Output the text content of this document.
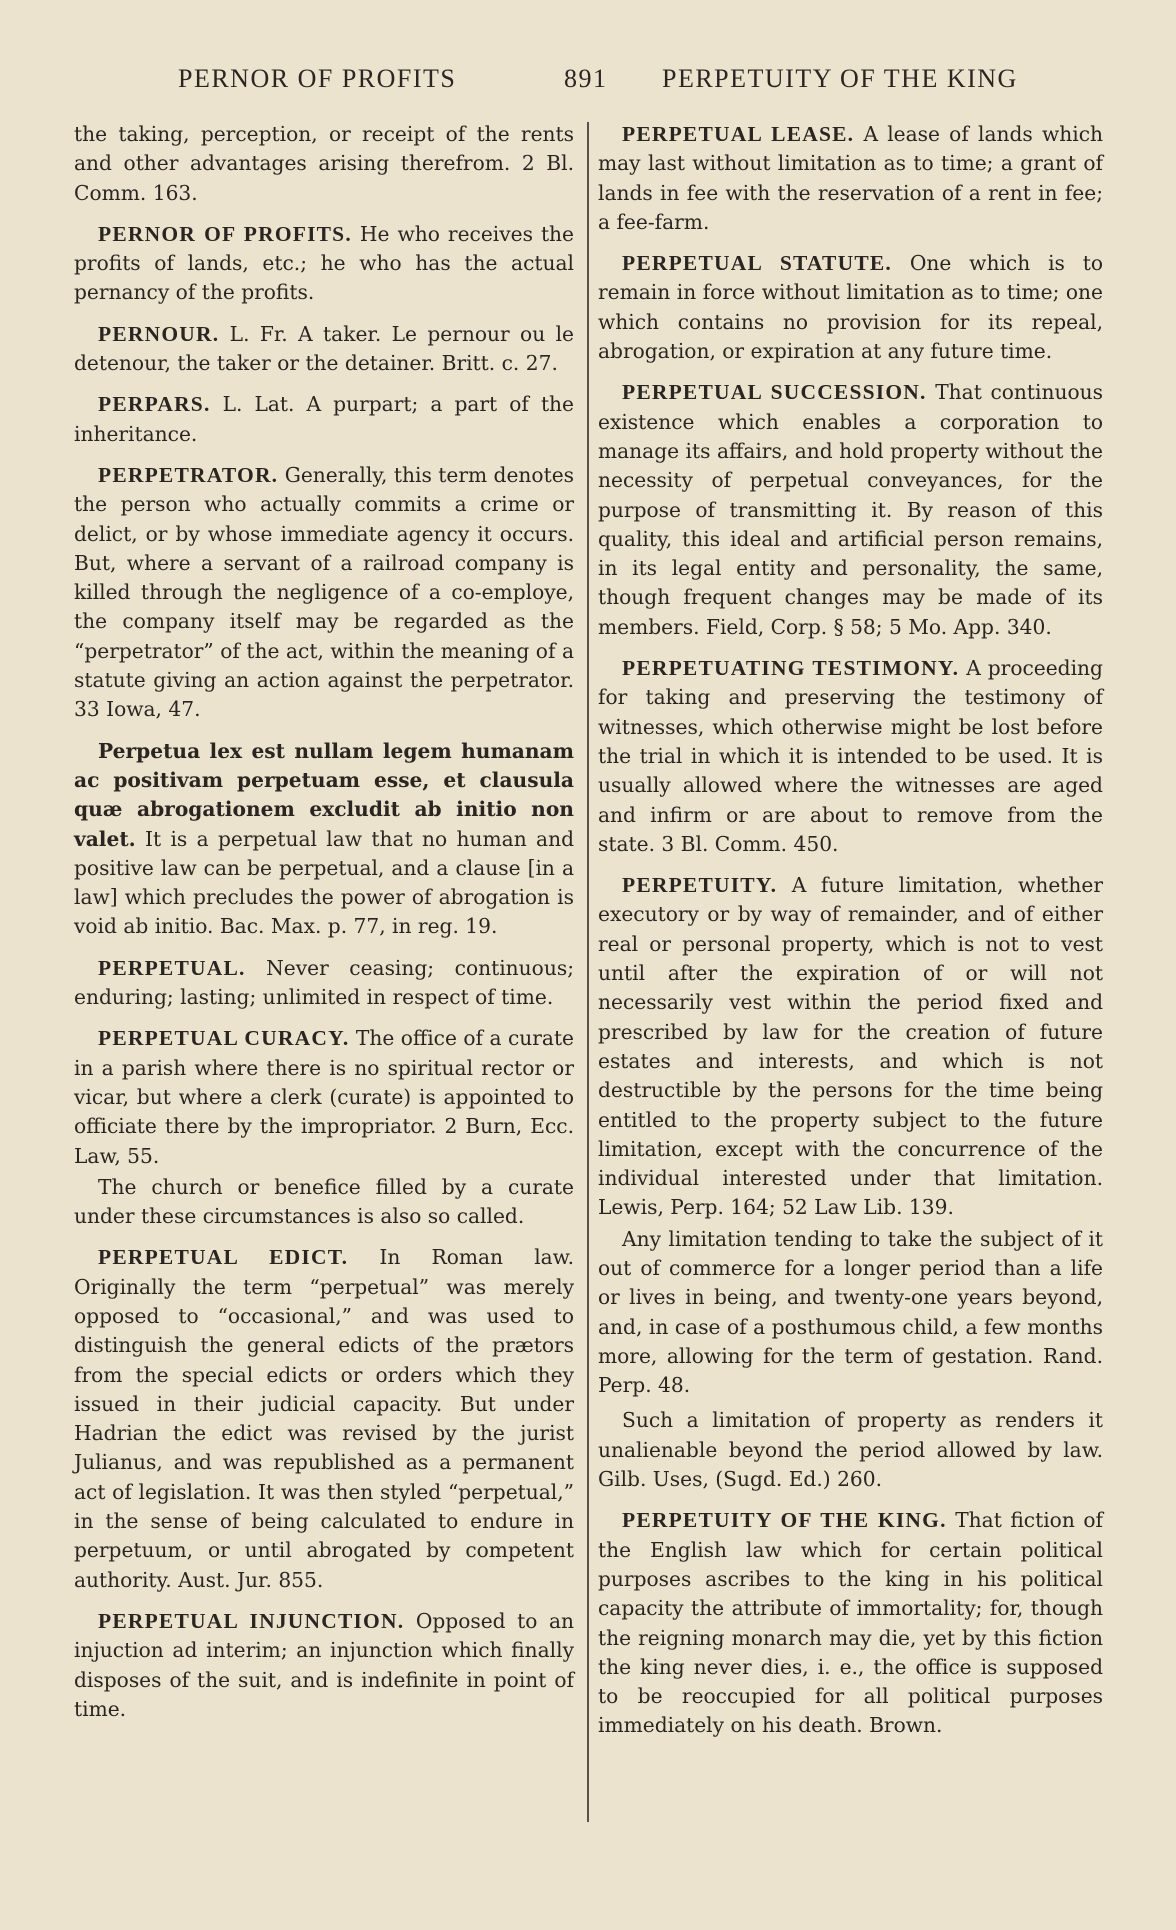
PERNOR OF PROFITS	891 PERPETUITY OF THE KING

the taking, perception, or receipt of the rents and other advantages arising therefrom. 2 Bl. Comm. 163.

PERNOR OF PROFITS. He who receives the profits of lands, etc.; he who has the actual pernancy of the profits.

PERNOUR. L. Fr. A taker. Le pernour ou le detenour, the taker or the detainer. Britt. c. 27.

PERPARS. L. Lat. A purpart; a part of the inheritance.

PERPETRATOR. Generally, this term denotes the person who actually commits a crime or delict, or by whose immediate agency it occurs. But, where a servant of a railroad company is killed through the negligence of a co-employe, the company itself may be regarded as the “perpetrator” of the act, within the meaning of a statute giving an action against the perpetrator. 33 Iowa, 47.

Perpetua lex est nullam legem humanam ac positivam perpetuam esse, et clausula quæ abrogationem excludit ab initio non valet. It is a perpetual law that no human and positive law can be perpetual, and a clause [in a law] which precludes the power of abrogation is void ab initio. Bac. Max. p. 77, in reg. 19.

PERPETUAL. Never ceasing; continuous; enduring; lasting; unlimited in respect of time.

PERPETUAL CURACY. The office of a curate in a parish where there is no spiritual rector or vicar, but where a clerk (curate) is appointed to officiate there by the impropriator. 2 Burn, Ecc. Law, 55.

The church or benefice filled by a curate under these circumstances is also so called.

PERPETUAL EDICT. In Roman law. Originally the term “perpetual” was merely opposed to “occasional,” and was used to distinguish the general edicts of the prætors from the special edicts or orders which they issued in their judicial capacity. But under Hadrian the edict was revised by the jurist Julianus, and was republished as a permanent act of legislation. It was then styled “perpetual,” in the sense of being calculated to endure in perpetuum, or until abrogated by competent authority. Aust. Jur. 855.

PERPETUAL INJUNCTION. Opposed to an injuction ad interim; an injunction which finally disposes of the suit, and is indefinite in point of time.

PERPETUAL LEASE. A lease of lands which may last without limitation as to time; a grant of lands in fee with the reservation of a rent in fee; a fee-farm.

PERPETUAL STATUTE. One which is to remain in force without limitation as to time; one which contains no provision for its repeal, abrogation, or expiration at any future time.

PERPETUAL SUCCESSION. That continuous existence which enables a corporation to manage its affairs, and hold property without the necessity of perpetual conveyances, for the purpose of transmitting it. By reason of this quality, this ideal and artificial person remains, in its legal entity and personality, the same, though frequent changes may be made of its members. Field, Corp. § 58; 5 Mo. App. 340.

PERPETUATING TESTIMONY. A proceeding for taking and preserving the testimony of witnesses, which otherwise might be lost before the trial in which it is intended to be used. It is usually allowed where the witnesses are aged and infirm or are about to remove from the state. 3 Bl. Comm. 450.

PERPETUITY. A future limitation, whether executory or by way of remainder, and of either real or personal property, which is not to vest until after the expiration of or will not necessarily vest within the period fixed and prescribed by law for the creation of future estates and interests, and which is not destructible by the persons for the time being entitled to the property subject to the future limitation, except with the concurrence of the individual interested under that limitation. Lewis, Perp. 164; 52 Law Lib. 139.

Any limitation tending to take the subject of it out of commerce for a longer period than a life or lives in being, and twenty-one years beyond, and, in case of a posthumous child, a few months more, allowing for the term of gestation. Rand. Perp. 48.

Such a limitation of property as renders it unalienable beyond the period allowed by law. Gilb. Uses, (Sugd. Ed.) 260.

PERPETUITY OF THE KING. That fiction of the English law which for certain political purposes ascribes to the king in his political capacity the attribute of immortality; for, though the reigning monarch may die, yet by this fiction the king never dies, i. e., the office is supposed to be reoccupied for all political purposes immediately on his death. Brown.
